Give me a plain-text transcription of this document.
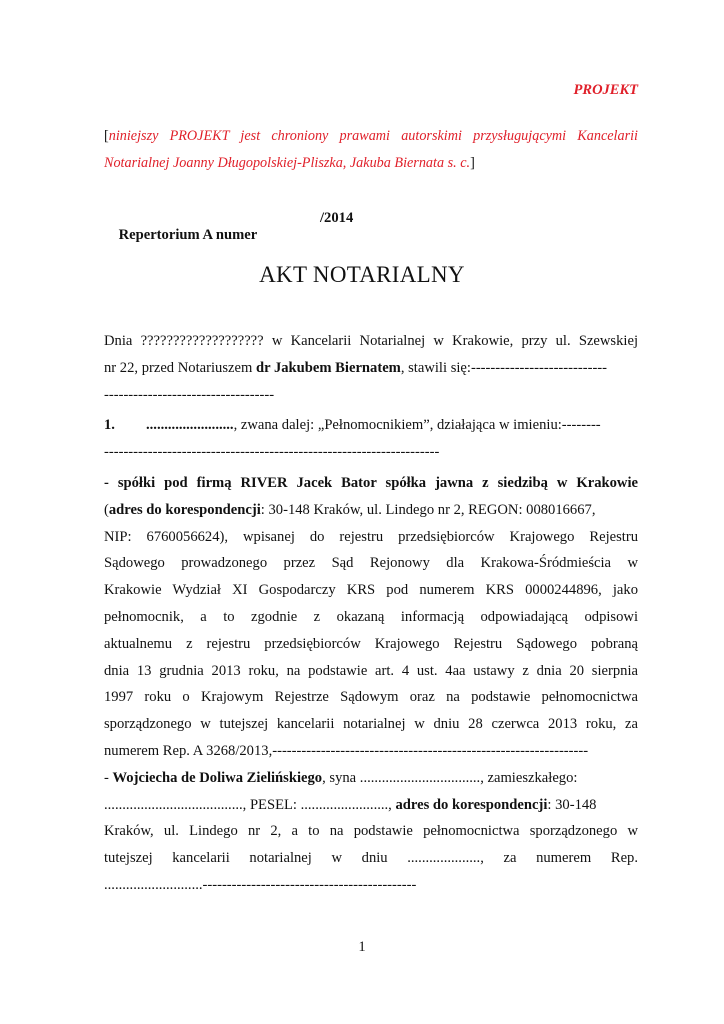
PROJEKT
[niniejszy PROJEKT jest chroniony prawami autorskimi przysługującymi Kancelarii Notarialnej Joanny Długopolskiej-Pliszka, Jakuba Biernata s. c.]

Repertorium A numer

/2014

AKT NOTARIALNY
Dnia ??????????????????? w Kancelarii Notarialnej w Krakowie, przy ul. Szewskiej
nr 22, przed Notariuszem dr Jakubem Biernatem, stawili się:----------------------------
-----------------------------------
1. ........................, zwana dalej: „Pełnomocnikiem”, działająca w imieniu:--------
---------------------------------------------------------------------
- spółki pod firmą RIVER Jacek Bator spółka jawna z siedzibą w Krakowie
(adres do korespondencji: 30-148 Kraków, ul. Lindego nr 2, REGON: 008016667,
NIP: 6760056624), wpisanej do rejestru przedsiębiorców Krajowego Rejestru
Sądowego prowadzonego przez Sąd Rejonowy dla Krakowa-Śródmieścia w
Krakowie Wydział XI Gospodarczy KRS pod numerem KRS 0000244896, jako
pełnomocnik, a to zgodnie z okazaną informacją odpowiadającą odpisowi
aktualnemu z rejestru przedsiębiorców Krajowego Rejestru Sądowego pobraną
dnia 13 grudnia 2013 roku, na podstawie art. 4 ust. 4aa ustawy z dnia 20 sierpnia
1997 roku o Krajowym Rejestrze Sądowym oraz na podstawie pełnomocnictwa
sporządzonego w tutejszej kancelarii notarialnej w dniu 28 czerwca 2013 roku, za
numerem Rep. A 3268/2013,-----------------------------------------------------------------
- Wojciecha de Doliwa Zielińskiego, syna ................................., zamieszkałego:
......................................, PESEL: ........................, adres do korespondencji: 30-148
Kraków, ul. Lindego nr 2, a to na podstawie pełnomocnictwa sporządzonego w
tutejszej kancelarii notarialnej w dniu ...................., za numerem Rep.
...........................--------------------------------------------
1
